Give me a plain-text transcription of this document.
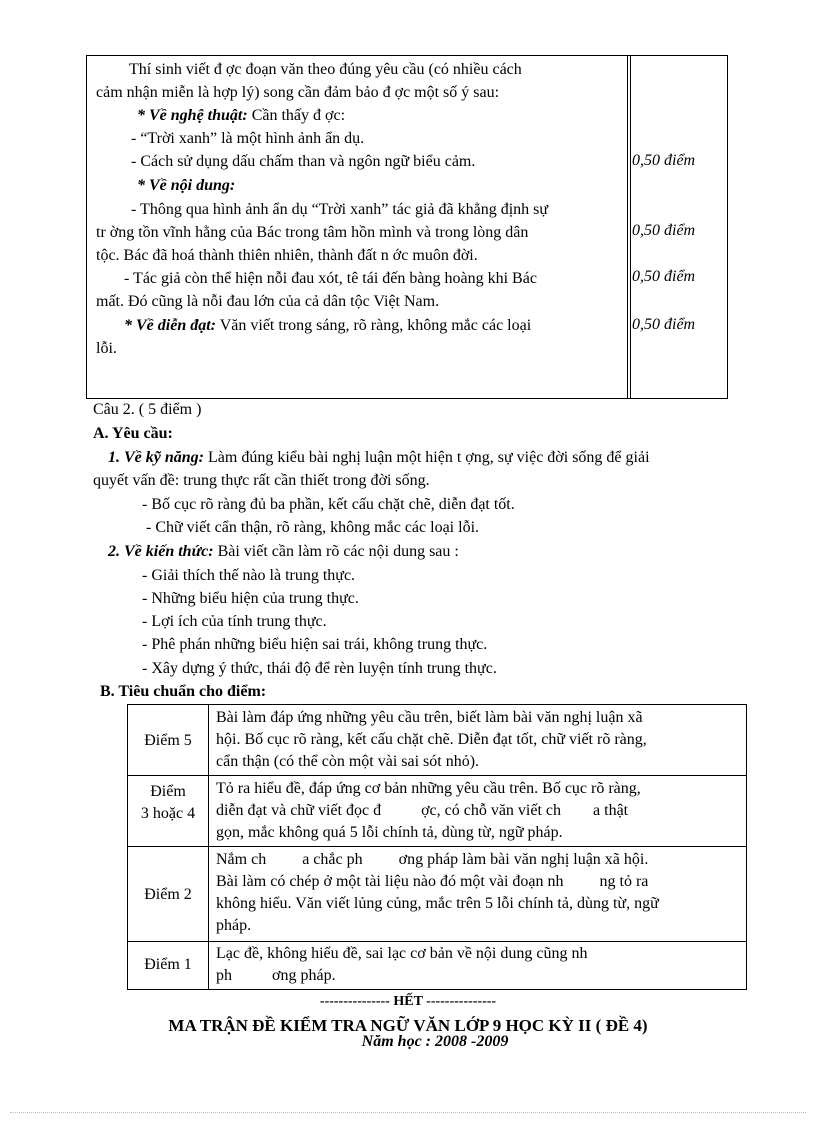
Thí sinh viết đ ợc đoạn văn theo đúng yêu cầu (có nhiều cách
cảm nhận miễn là hợp lý) song cần đảm bảo đ ợc một số ý sau:
* Về nghệ thuật: Cần thấy đ ợc:
- “Trời xanh” là một hình ảnh ẩn dụ.
- Cách sử dụng dấu chấm than và ngôn ngữ biểu cảm.
* Về nội dung:
- Thông qua hình ảnh ẩn dụ “Trời xanh” tác giả đã khẳng định sự
tr ờng tồn vĩnh hằng của Bác trong tâm hồn mình và trong lòng dân
tộc. Bác đã hoá thành thiên nhiên, thành đất n ớc muôn đời.
- Tác giả còn thể hiện nỗi đau xót, tê tái đến bàng hoàng khi Bác
mất. Đó cũng là nỗi đau lớn của cả dân tộc Việt Nam.
* Về diễn đạt: Văn viết trong sáng, rõ ràng, không mắc các loại
lỗi.
0,50 điểm
0,50 điểm
0,50 điểm
0,50 điểm
Câu 2. ( 5 điểm )
A. Yêu cầu:
1. Về kỹ năng: Làm đúng kiểu bài nghị luận một hiện t ợng, sự việc đời sống để giải
quyết vấn đề: trung thực rất cần thiết trong đời sống.
- Bố cục rõ ràng đủ ba phần, kết cấu chặt chẽ, diễn đạt tốt.
- Chữ viết cẩn thận, rõ ràng, không mắc các loại lỗi.
2. Về kiến thức: Bài viết cần làm rõ các nội dung sau :
- Giải thích thế nào là trung thực.
- Những biểu hiện của trung thực.
- Lợi ích của tính trung thực.
- Phê phán những biểu hiện sai trái, không trung thực.
- Xây dựng ý thức, thái độ để rèn luyện tính trung thực.
B. Tiêu chuẩn cho điểm:
Điểm 5
Bài làm đáp ứng những yêu cầu trên, biết làm bài văn nghị luận xã
hội. Bố cục rõ ràng, kết cấu chặt chẽ. Diễn đạt tốt, chữ viết rõ ràng,
cẩn thận (có thể còn một vài sai sót nhỏ).
Điểm
3 hoặc 4
Tỏ ra hiểu đề, đáp ứng cơ bản những yêu cầu trên. Bố cục rõ ràng,
diễn đạt và chữ viết đọc đ          ợc, có chỗ văn viết ch        a thật
gọn, mắc không quá 5 lỗi chính tả, dùng từ, ngữ pháp.
Điểm 2
Nắm ch         a chắc ph         ơng pháp làm bài văn nghị luận xã hội.
Bài làm có chép ở một tài liệu nào đó một vài đoạn nh         ng tỏ ra
không hiểu. Văn viết lủng củng, mắc trên 5 lỗi chính tả, dùng từ, ngữ
pháp.
Điểm 1
Lạc đề, không hiểu đề, sai lạc cơ bản về nội dung cũng nh
ph          ơng pháp.
--------------- HẾT ---------------
MA TRẬN ĐỀ KIỂM TRA NGỮ VĂN LỚP 9 HỌC KỲ II ( ĐỀ 4)
Năm học : 2008 -2009
